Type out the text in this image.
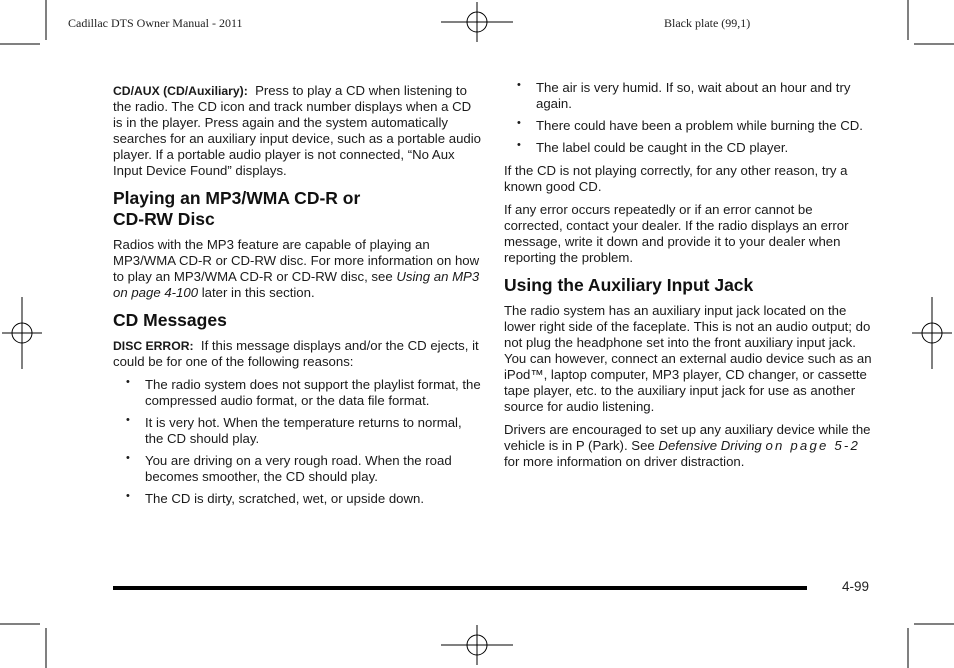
Cadillac DTS Owner Manual - 2011	Black plate (99,1)

CD/AUX (CD/Auxiliary): Press to play a CD when listening to the radio. The CD icon and track number displays when a CD is in the player. Press again and the system automatically searches for an auxiliary input device, such as a portable audio player. If a portable audio player is not connected, “No Aux Input Device Found” displays.

Playing an MP3/WMA CD-R or
CD-RW Disc

Radios with the MP3 feature are capable of playing an MP3/WMA CD-R or CD-RW disc. For more information on how to play an MP3/WMA CD-R or CD-RW disc, see Using an MP3 on page 4-100 later in this section.

CD Messages

DISC ERROR: If this message displays and/or the CD ejects, it could be for one of the following reasons:

• The radio system does not support the playlist format, the compressed audio format, or the data file format.
• It is very hot. When the temperature returns to normal, the CD should play.
• You are driving on a very rough road. When the road becomes smoother, the CD should play.
• The CD is dirty, scratched, wet, or upside down.
• The air is very humid. If so, wait about an hour and try again.
• There could have been a problem while burning the CD.
• The label could be caught in the CD player.

If the CD is not playing correctly, for any other reason, try a known good CD.

If any error occurs repeatedly or if an error cannot be corrected, contact your dealer. If the radio displays an error message, write it down and provide it to your dealer when reporting the problem.

Using the Auxiliary Input Jack

The radio system has an auxiliary input jack located on the lower right side of the faceplate. This is not an audio output; do not plug the headphone set into the front auxiliary input jack. You can however, connect an external audio device such as an iPod™, laptop computer, MP3 player, CD changer, or cassette tape player, etc. to the auxiliary input jack for use as another source for audio listening.

Drivers are encouraged to set up any auxiliary device while the vehicle is in P (Park). See Defensive Driving on page 5-2 for more information on driver distraction.

4-99
